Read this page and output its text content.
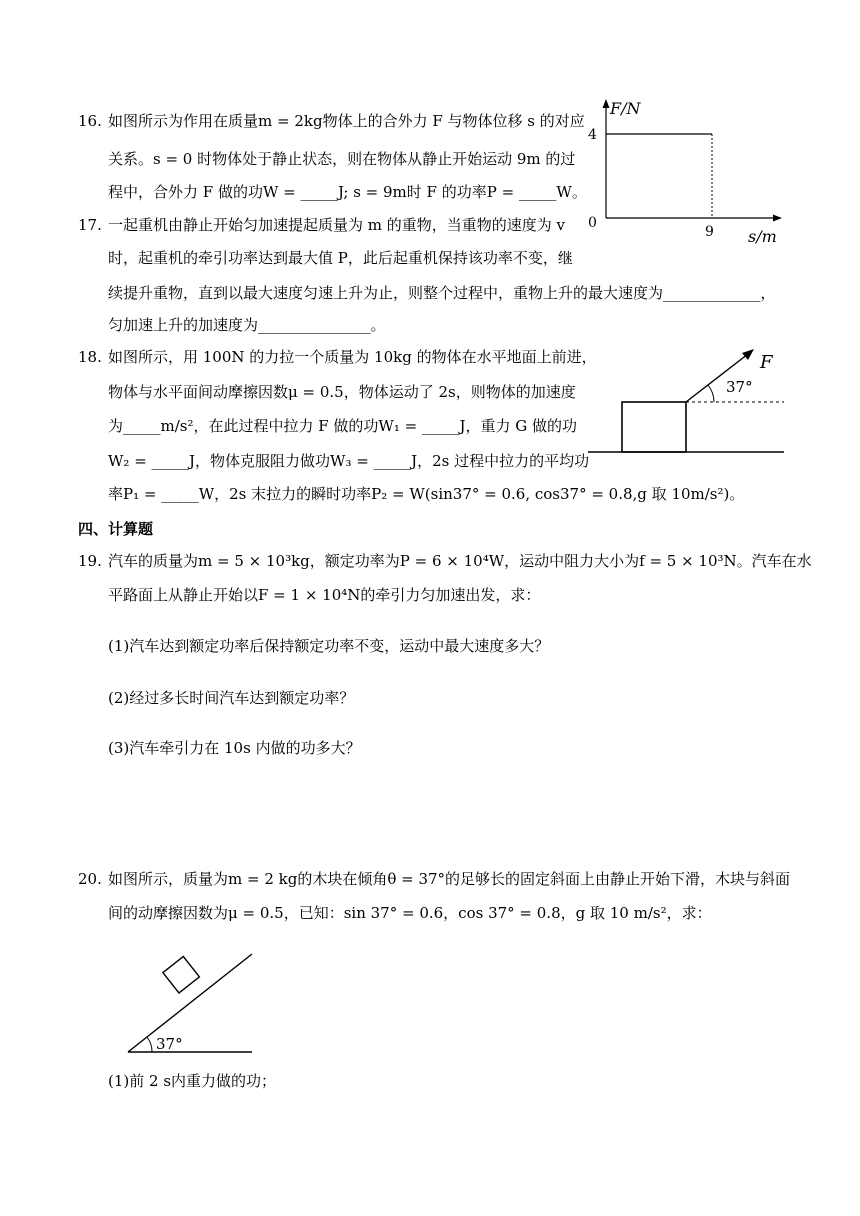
16. 如图所示为作用在质量m = 2kg物体上的合外力 F 与物体位移 s 的对应
关系。s = 0 时物体处于静止状态，则在物体从静止开始运动 9m 的过
程中，合外力 F 做的功W = _____J; s = 9m时 F 的功率P = _____W。
F/N
4
0
9 s/m
17. 一起重机由静止开始匀加速提起质量为 m 的重物，当重物的速度为 v
时，起重机的牵引功率达到最大值 P，此后起重机保持该功率不变，继
续提升重物，直到以最大速度匀速上升为止，则整个过程中，重物上升的最大速度为_____________，
匀加速上升的加速度为_______________。
18. 如图所示，用 100N 的力拉一个质量为 10kg 的物体在水平地面上前进，
物体与水平面间动摩擦因数μ = 0.5，物体运动了 2s，则物体的加速度
为_____m/s²，在此过程中拉力 F 做的功W₁ = _____J，重力 G 做的功
W₂ = _____J，物体克服阻力做功W₃ = _____J，2s 过程中拉力的平均功
率P₁ = _____W，2s 末拉力的瞬时功率P₂ = W(sin37° = 0.6, cos37° = 0.8,g 取 10m/s²)。
F
37°
四、计算题
19. 汽车的质量为m = 5 × 10³kg，额定功率为P = 6 × 10⁴W，运动中阻力大小为f = 5 × 10³N。汽车在水
平路面上从静止开始以F = 1 × 10⁴N的牵引力匀加速出发，求：
(1)汽车达到额定功率后保持额定功率不变，运动中最大速度多大？
(2)经过多长时间汽车达到额定功率？
(3)汽车牵引力在 10s 内做的功多大？
20. 如图所示，质量为m = 2 kg的木块在倾角θ = 37°的足够长的固定斜面上由静止开始下滑，木块与斜面
间的动摩擦因数为μ = 0.5，已知：sin 37° = 0.6，cos 37° = 0.8，g 取 10 m/s²，求：
37°
(1)前 2 s内重力做的功；
